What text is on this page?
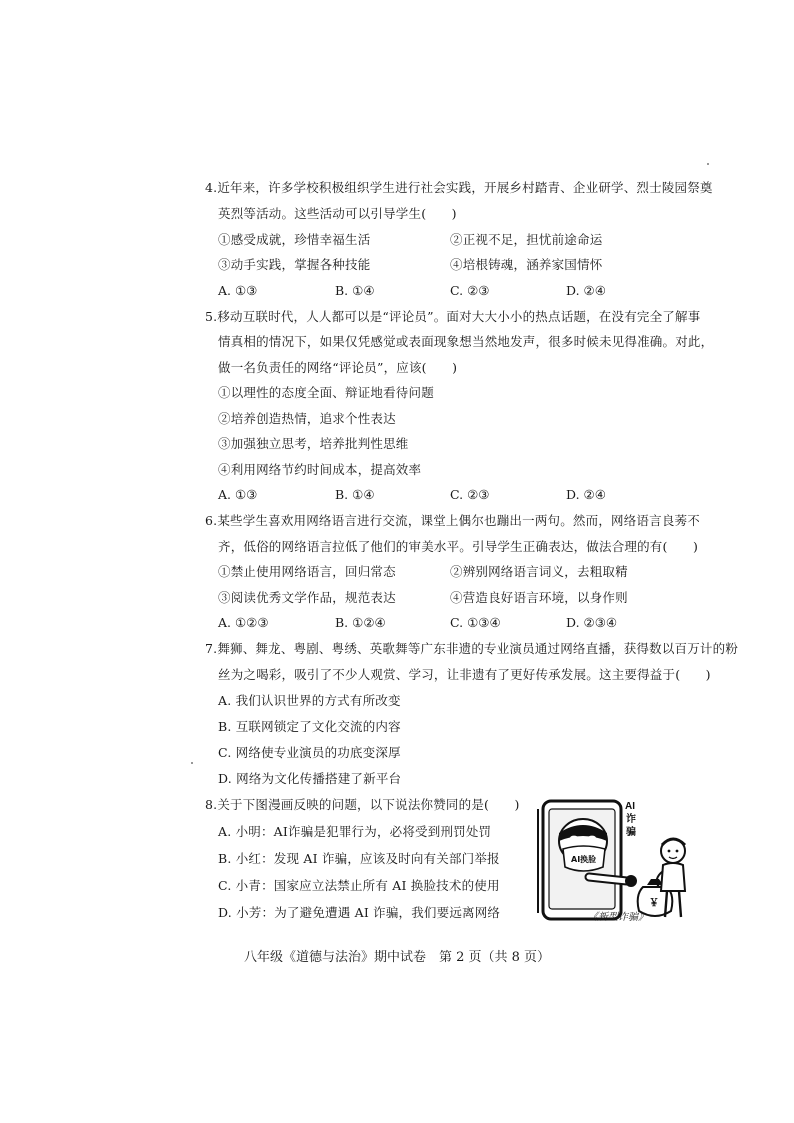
4.近年来，许多学校积极组织学生进行社会实践，开展乡村踏青、企业研学、烈士陵园祭奠
英烈等活动。这些活动可以引导学生(　　)
①感受成就，珍惜幸福生活	②正视不足，担忧前途命运
③动手实践，掌握各种技能	④培根铸魂，涵养家国情怀
A. ①③	B. ①④	C. ②③	D. ②④
5.移动互联时代，人人都可以是“评论员”。面对大大小小的热点话题，在没有完全了解事
情真相的情况下，如果仅凭感觉或表面现象想当然地发声，很多时候未见得准确。对此，
做一名负责任的网络“评论员”，应该(　　)
①以理性的态度全面、辩证地看待问题
②培养创造热情，追求个性表达
③加强独立思考，培养批判性思维
④利用网络节约时间成本，提高效率
A. ①③	B. ①④	C. ②③	D. ②④
6.某些学生喜欢用网络语言进行交流，课堂上偶尔也蹦出一两句。然而，网络语言良莠不
齐，低俗的网络语言拉低了他们的审美水平。引导学生正确表达，做法合理的有(　　)
①禁止使用网络语言，回归常态	②辨别网络语言词义，去粗取精
③阅读优秀文学作品，规范表达	④营造良好语言环境，以身作则
A. ①②③	B. ①②④	C. ①③④	D. ②③④
7.舞狮、舞龙、粤剧、粤绣、英歌舞等广东非遗的专业演员通过网络直播，获得数以百万计的粉
丝为之喝彩，吸引了不少人观赏、学习，让非遗有了更好传承发展。这主要得益于(　　)
A. 我们认识世界的方式有所改变
B. 互联网锁定了文化交流的内容
C. 网络使专业演员的功底变深厚
D. 网络为文化传播搭建了新平台
8.关于下图漫画反映的问题，以下说法你赞同的是(　　)
A. 小明：AI诈骗是犯罪行为，必将受到刑罚处罚
B. 小红：发现 AI 诈骗，应该及时向有关部门举报
C. 小青：国家应立法禁止所有 AI 换脸技术的使用
D. 小芳：为了避免遭遇 AI 诈骗，我们要远离网络
AI
诈
骗
AI换脸
￥
《新型诈骗》
八年级《道德与法治》期中试卷　第 2 页（共 8 页）
